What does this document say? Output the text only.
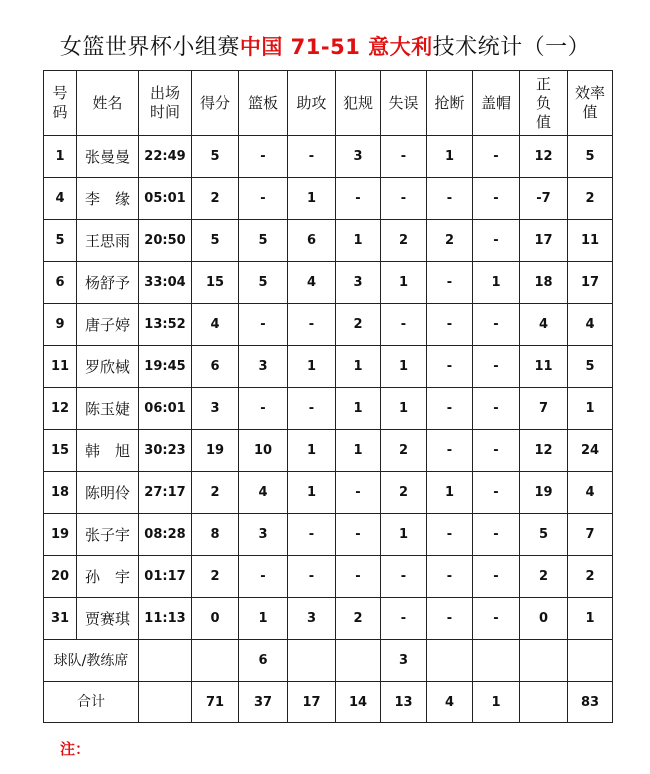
女篮世界杯小组赛中国 71-51 意大利技术统计（一）
号码	姓名	出场时间	得分	篮板	助攻	犯规	失误	抢断	盖帽	正负值	效率值
1	张曼曼	22:49	5	-	-	3	-	1	-	12	5
4	李　缘	05:01	2	-	1	-	-	-	-	-7	2
5	王思雨	20:50	5	5	6	1	2	2	-	17	11
6	杨舒予	33:04	15	5	4	3	1	-	1	18	17
9	唐子婷	13:52	4	-	-	2	-	-	-	4	4
11	罗欣棫	19:45	6	3	1	1	1	-	-	11	5
12	陈玉婕	06:01	3	-	-	1	1	-	-	7	1
15	韩　旭	30:23	19	10	1	1	2	-	-	12	24
18	陈明伶	27:17	2	4	1	-	2	1	-	19	4
19	张子宇	08:28	8	3	-	-	1	-	-	5	7
20	孙　宇	01:17	2	-	-	-	-	-	-	2	2
31	贾赛琪	11:13	0	1	3	2	-	-	-	0	1
球队/教练席				6			3				
合计			71	37	17	14	13	4	1		83
注：
